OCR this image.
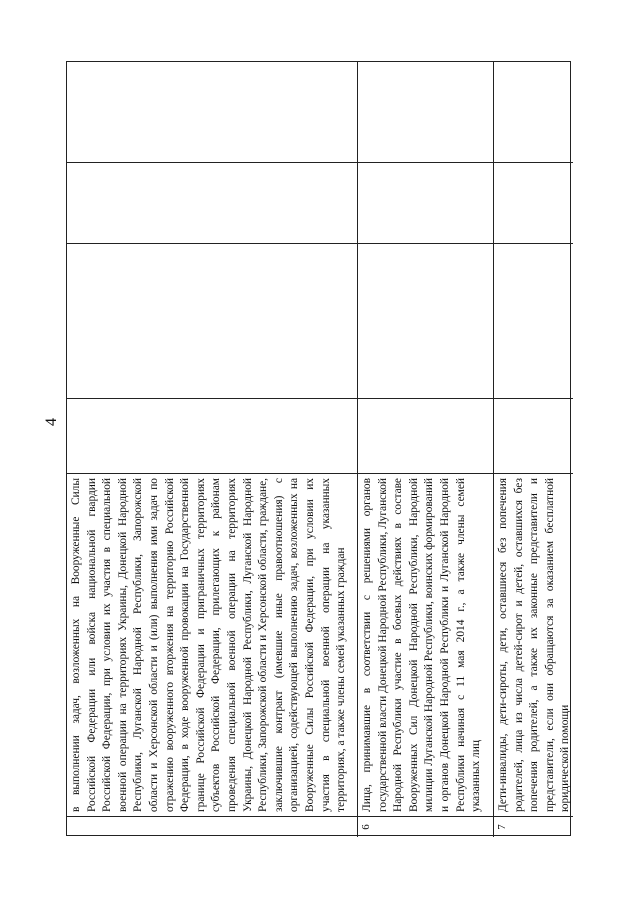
4
в выполнении задач, возложенных на Вооруженные Силы Российской Федерации или войска национальной гвардии Российской Федерации, при условии их участия в специальной военной операции на территориях Украины, Донецкой Народной Республики, Луганской Народной Республики, Запорожской области и Херсонской области и (или) выполнения ими задач по отражению вооруженного вторжения на территорию Российской Федерации, в ходе вооруженной провокации на Государственной границе Российской Федерации и приграничных территориях субъектов Российской Федерации, прилегающих к районам проведения специальной военной операции на территориях Украины, Донецкой Народной Республики, Луганской Народной Республики, Запорожской области и Херсонской области, граждане, заключившие контракт (имевшие иные правоотношения) с организацией, содействующей выполнению задач, возложенных на Вооруженные Силы Российской Федерации, при условии их участия в специальной военной операции на указанных территориях, а также члены семей указанных граждан
6
Лица, принимавшие в соответствии с решениями органов государственной власти Донецкой Народной Республики, Луганской Народной Республики участие в боевых действиях в составе Вооруженных Сил Донецкой Народной Республики, Народной милиции Луганской Народной Республики, воинских формирований и органов Донецкой Народной Республики и Луганской Народной Республики начиная с 11 мая 2014 г., а также члены семей указанных лиц
7
Дети-инвалиды, дети-сироты, дети, оставшиеся без попечения родителей, лица из числа детей-сирот и детей, оставшихся без попечения родителей, а также их законные представители и представители, если они обращаются за оказанием бесплатной юридической помощи
